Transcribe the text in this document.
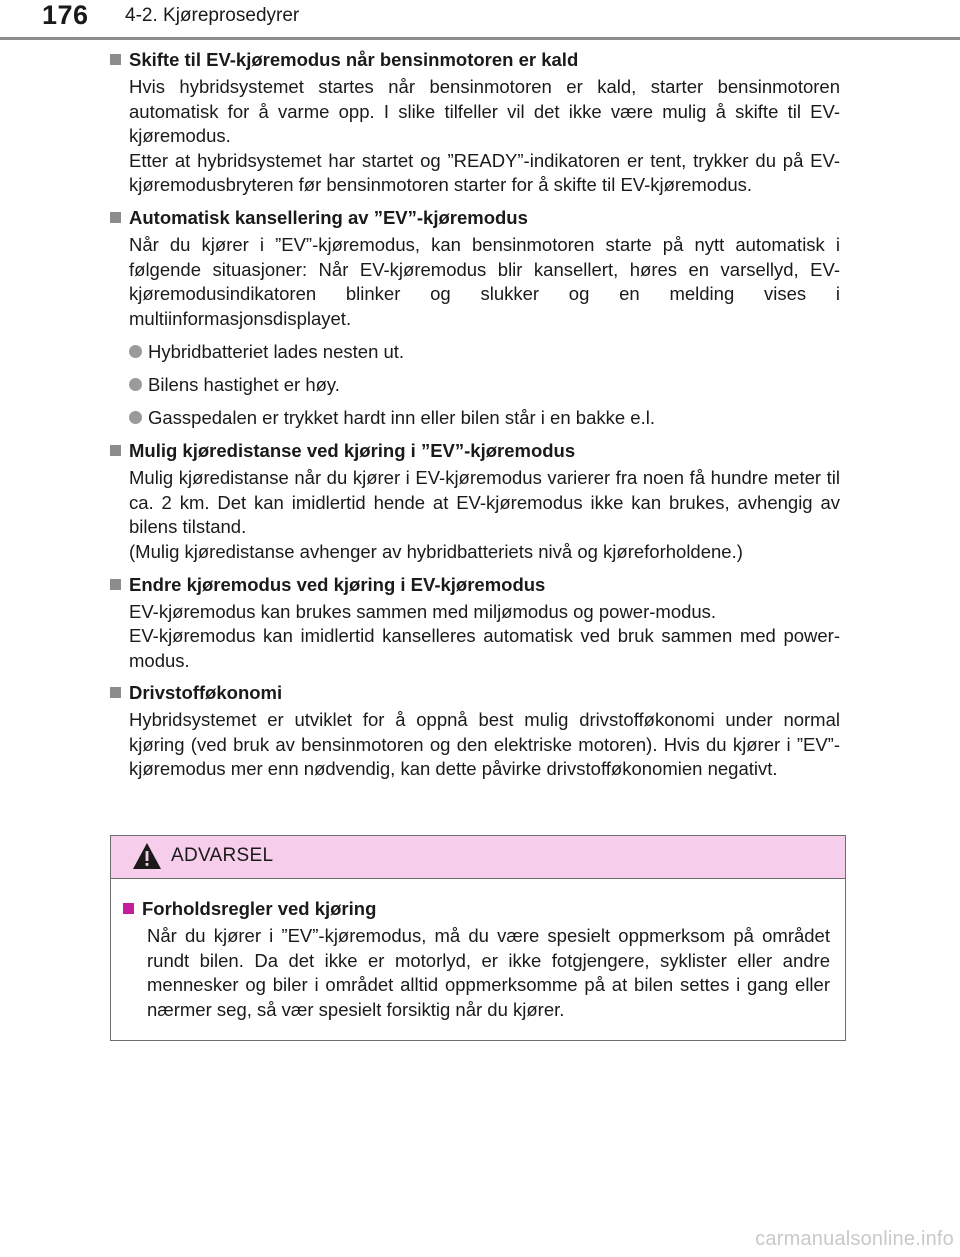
176 4-2. Kjøreprosedyrer
Skifte til EV-kjøremodus når bensinmotoren er kald

Hvis hybridsystemet startes når bensinmotoren er kald, starter bensinmotoren automatisk for å varme opp. I slike tilfeller vil det ikke være mulig å skifte til EV-kjøremodus.

Etter at hybridsystemet har startet og ”READY”-indikatoren er tent, trykker du på EV-kjøremodusbryteren før bensinmotoren starter for å skifte til EV-kjøremodus.

Automatisk kansellering av ”EV”-kjøremodus

Når du kjører i ”EV”-kjøremodus, kan bensinmotoren starte på nytt automatisk i følgende situasjoner: Når EV-kjøremodus blir kansellert, høres en varsellyd, EV-kjøremodusindikatoren blinker og slukker og en melding vises i multiinformasjonsdisplayet.

Hybridbatteriet lades nesten ut.
Bilens hastighet er høy.
Gasspedalen er trykket hardt inn eller bilen står i en bakke e.l.
Mulig kjøredistanse ved kjøring i ”EV”-kjøremodus

Mulig kjøredistanse når du kjører i EV-kjøremodus varierer fra noen få hundre meter til ca. 2 km. Det kan imidlertid hende at EV-kjøremodus ikke kan brukes, avhengig av bilens tilstand.

(Mulig kjøredistanse avhenger av hybridbatteriets nivå og kjøreforholdene.)

Endre kjøremodus ved kjøring i EV-kjøremodus

EV-kjøremodus kan brukes sammen med miljømodus og power-modus.

EV-kjøremodus kan imidlertid kanselleres automatisk ved bruk sammen med power-modus.

Drivstofføkonomi

Hybridsystemet er utviklet for å oppnå best mulig drivstofføkonomi under normal kjøring (ved bruk av bensinmotoren og den elektriske motoren). Hvis du kjører i ”EV”-kjøremodus mer enn nødvendig, kan dette påvirke drivstofføkonomien negativt.

ADVARSEL
Forholdsregler ved kjøring
Når du kjører i ”EV”-kjøremodus, må du være spesielt oppmerksom på området rundt bilen. Da det ikke er motorlyd, er ikke fotgjengere, syklister eller andre mennesker og biler i området alltid oppmerksomme på at bilen settes i gang eller nærmer seg, så vær spesielt forsiktig når du kjører.
carmanualsonline.info
